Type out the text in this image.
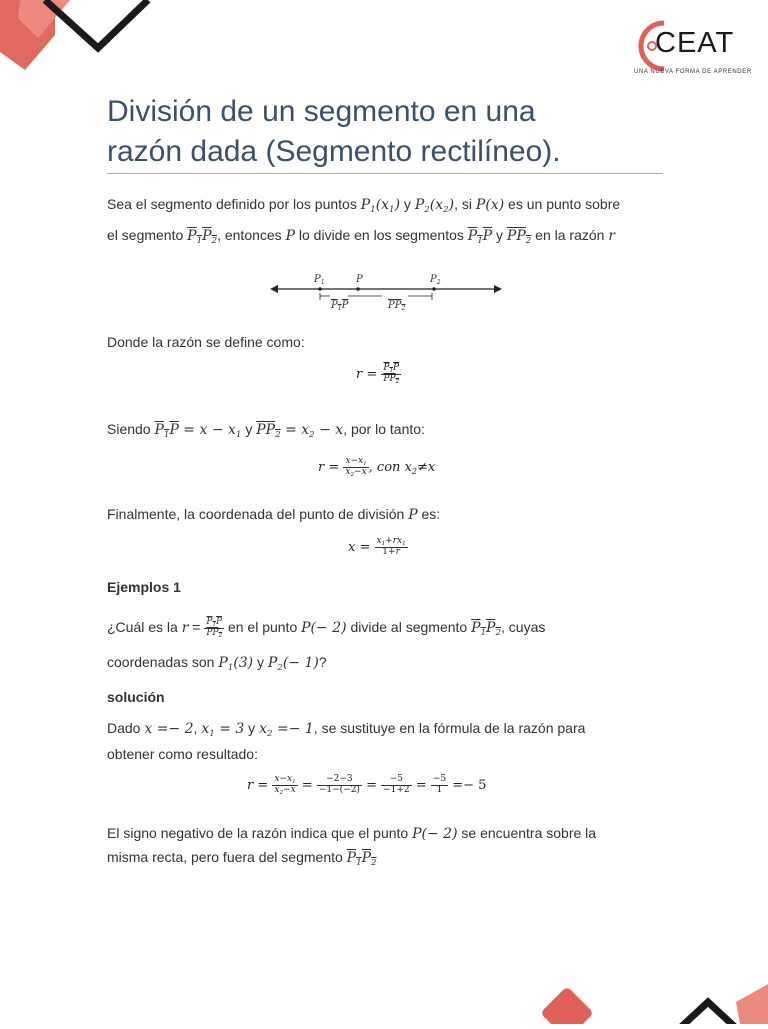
CEAT
UNA NUEVA FORMA DE APRENDER
División de un segmento en una
razón dada (Segmento rectilíneo).
Sea el segmento definido por los puntos $P_1(x_1)$ y $P_2(x_2)$, si P(x) es un punto sobre
el segmento $P_1P_2$, entonces P lo divide en los segmentos $P_1P$ y $PP_2$ en la razón r
$P_1$	P	$P_2$
$P_1P$	$PP_2$
Donde la razón se define como:
$r = \frac{P_1P}{PP_2}$
Siendo $P_1P = x - x_1$ y $PP_2 = x_2 - x$, por lo tanto:
$r = \frac{x-x_1}{x_2-x}$ , con $x_2\ne x$
Finalmente, la coordenada del punto de división P es:
$x = \frac{x_1+rx_1}{1+r}$
Ejemplos 1
¿Cuál es la $r = \frac{P_1P}{PP_2}$ en el punto P(− 2) divide al segmento $P_1P_2$, cuyas
coordenadas son $P_1(3)$ y $P_2(- 1)$?
solución
Dado x =− 2, $x_1 = 3$ y $x_2 =- 1$, se sustituye en la fórmula de la razón para
obtener como resultado:
$r = \frac{x-x_1}{x_2-x} = \frac{-2-3}{-1-(-2)} = \frac{-5}{-1+2} = \frac{-5}{1} =- 5$
El signo negativo de la razón indica que el punto P(− 2) se encuentra sobre la
misma recta, pero fuera del segmento $P_1P_2$
